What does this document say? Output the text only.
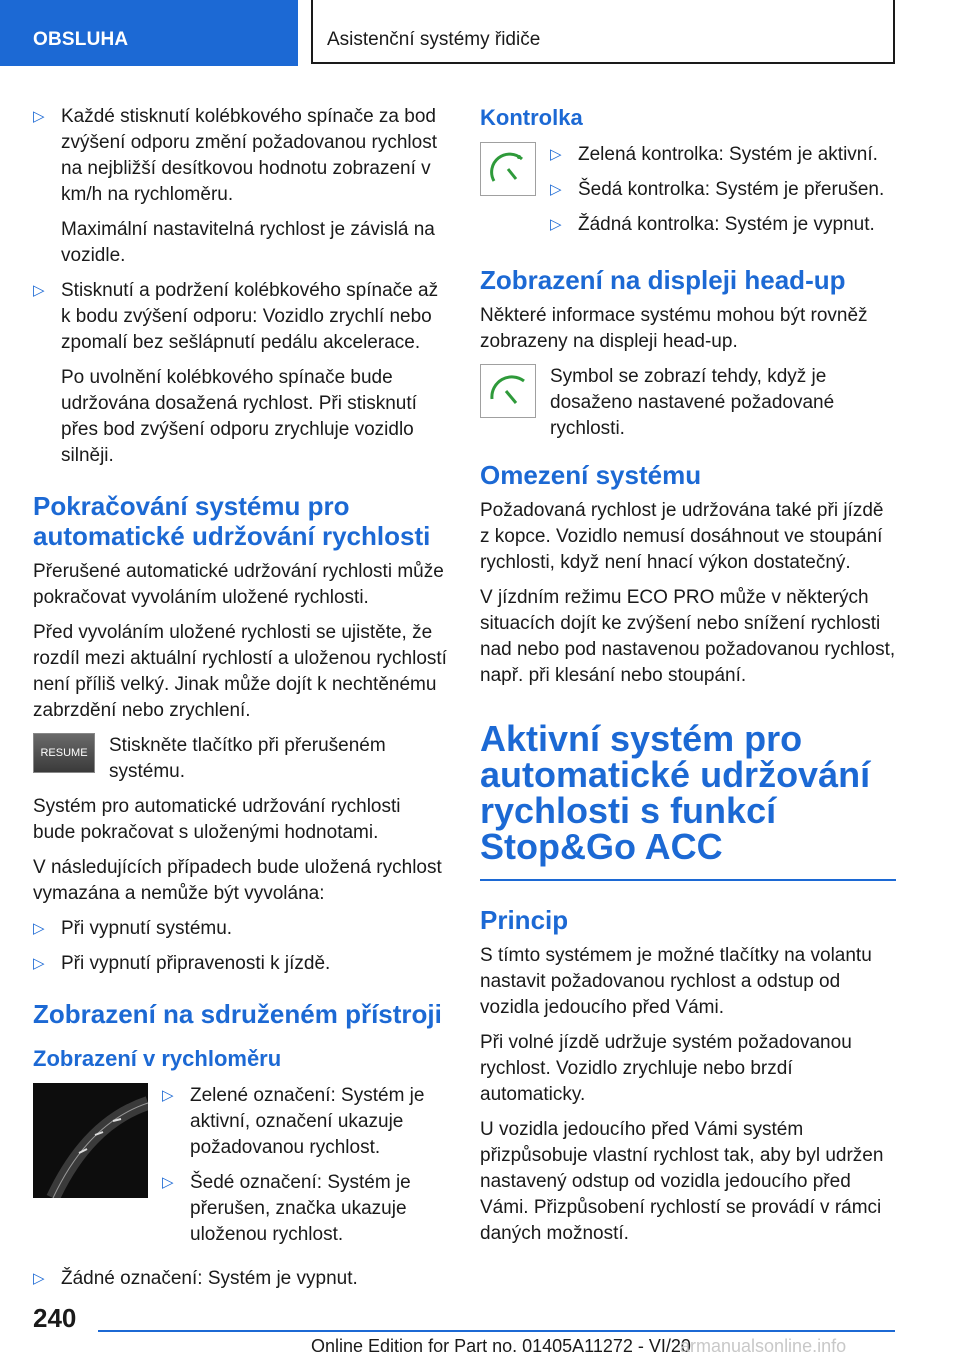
OBSLUHA	Asistenční systémy řidiče
▷ Každé stisknutí kolébkového spínače za bod zvýšení odporu změní požadovanou rychlost na nejbližší desítkovou hodnotu zobrazení v km/h na rychloměru.
Maximální nastavitelná rychlost je závislá na vozidle.
▷ Stisknutí a podržení kolébkového spínače až k bodu zvýšení odporu: Vozidlo zrychlí nebo zpomalí bez sešlápnutí pedálu akcelerace.
Po uvolnění kolébkového spínače bude udržována dosažená rychlost. Při stisknutí přes bod zvýšení odporu zrychluje vozidlo silněji.
Pokračování systému pro automatické udržování rychlosti

Přerušené automatické udržování rychlosti může pokračovat vyvoláním uložené rychlosti.

Před vyvoláním uložené rychlosti se ujistěte, že rozdíl mezi aktuální rychlostí a uloženou rychlostí není příliš velký. Jinak může dojít k nechtěnému zabrzdění nebo zrychlení.

RESUME	Stiskněte tlačítko při přerušeném systému.

Systém pro automatické udržování rychlosti bude pokračovat s uloženými hodnotami.

V následujících případech bude uložená rychlost vymazána a nemůže být vyvolána:

▷ Při vypnutí systému.
▷ Při vypnutí připravenosti k jízdě.
Zobrazení na sdruženém přístroji
Zobrazení v rychloměru
▷ Zelené označení: Systém je aktivní, označení ukazuje požadovanou rychlost.
▷ Šedé označení: Systém je přerušen, značka ukazuje uloženou rychlost.
▷ Žádné označení: Systém je vypnut.
Kontrolka
▷ Zelená kontrolka: Systém je aktivní.
▷ Šedá kontrolka: Systém je přerušen.
▷ Žádná kontrolka: Systém je vypnut.
Zobrazení na displeji head-up

Některé informace systému mohou být rovněž zobrazeny na displeji head-up.

Symbol se zobrazí tehdy, když je dosaženo nastavené požadované rychlosti.

Omezení systému

Požadovaná rychlost je udržována také při jízdě z kopce. Vozidlo nemusí dosáhnout ve stoupání rychlosti, když není hnací výkon dostatečný.

V jízdním režimu ECO PRO může v některých situacích dojít ke zvýšení nebo snížení rychlosti nad nebo pod nastavenou požadovanou rychlost, např. při klesání nebo stoupání.

Aktivní systém pro automatické udržování rychlosti s funkcí Stop&Go ACC
Princip

S tímto systémem je možné tlačítky na volantu nastavit požadovanou rychlost a odstup od vozidla jedoucího před Vámi.

Při volné jízdě udržuje systém požadovanou rychlost. Vozidlo zrychluje nebo brzdí automaticky.

U vozidla jedoucího před Vámi systém přizpůsobuje vlastní rychlost tak, aby byl udržen nastavený odstup od vozidla jedoucího před Vámi. Přizpůsobení rychlostí se provádí v rámci daných možností.

240
Online Edition for Part no. 01405A11272 - VI/20
armanualsonline.info
